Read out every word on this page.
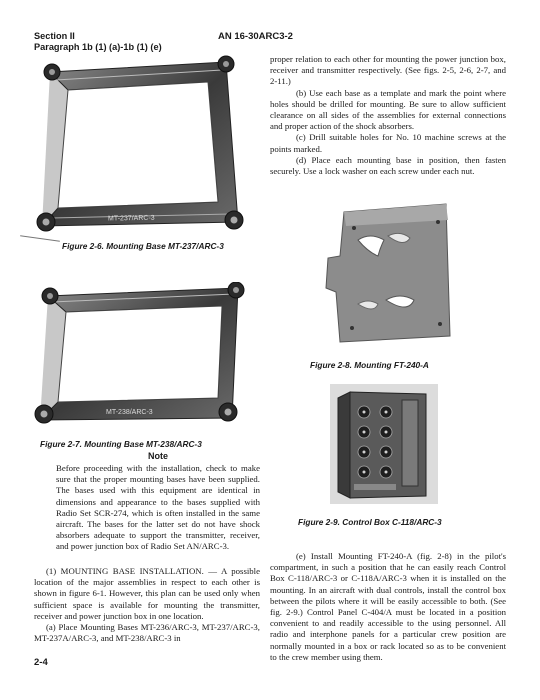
Section II
Paragraph 1b (1) (a)-1b (1) (e)
AN 16-30ARC3-2
MT-237/ARC-3
Figure 2-6. Mounting Base MT-237/ARC-3
MT-238/ARC-3
Figure 2-7. Mounting Base MT-238/ARC-3
Note

Before proceeding with the installation, check to make sure that the proper mounting bases have been supplied. The bases used with this equipment are identical in dimensions and appearance to the bases supplied with Radio Set SCR-274, which is often installed in the same aircraft. The bases for the latter set do not have shock absorbers adequate to support the transmitter, receiver, and power junction box of Radio Set AN/ARC-3.

(1) MOUNTING BASE INSTALLATION. — A possible location of the major assemblies in respect to each other is shown in figure 6-1. However, this plan can be used only when sufficient space is available for mounting the transmitter, receiver and power junction box in one location.

(a) Place Mounting Bases MT-236/ARC-3, MT-237/ARC-3, MT-237A/ARC-3, and MT-238/ARC-3 in

proper relation to each other for mounting the power junction box, receiver and transmitter respectively. (See figs. 2-5, 2-6, 2-7, and 2-11.)

(b) Use each base as a template and mark the point where holes should be drilled for mounting. Be sure to allow sufficient clearance on all sides of the assemblies for external connections and proper action of the shock absorbers.

(c) Drill suitable holes for No. 10 machine screws at the points marked.

(d) Place each mounting base in position, then fasten securely. Use a lock washer on each screw under each nut.

Figure 2-8. Mounting FT-240-A
Figure 2-9. Control Box C-118/ARC-3

(e) Install Mounting FT-240-A (fig. 2-8) in the pilot's compartment, in such a position that he can easily reach Control Box C-118/ARC-3 or C-118A/ARC-3 when it is installed on the mounting. In an aircraft with dual controls, install the control box between the pilots where it will be easily accessible to both. (See fig. 2-9.) Control Panel C-404/A must be located in a position convenient to and readily accessible to the using personnel. All radio and interphone panels for a particular crew position are normally mounted in a box or rack located so as to be convenient to the crew member using them.

2-4
